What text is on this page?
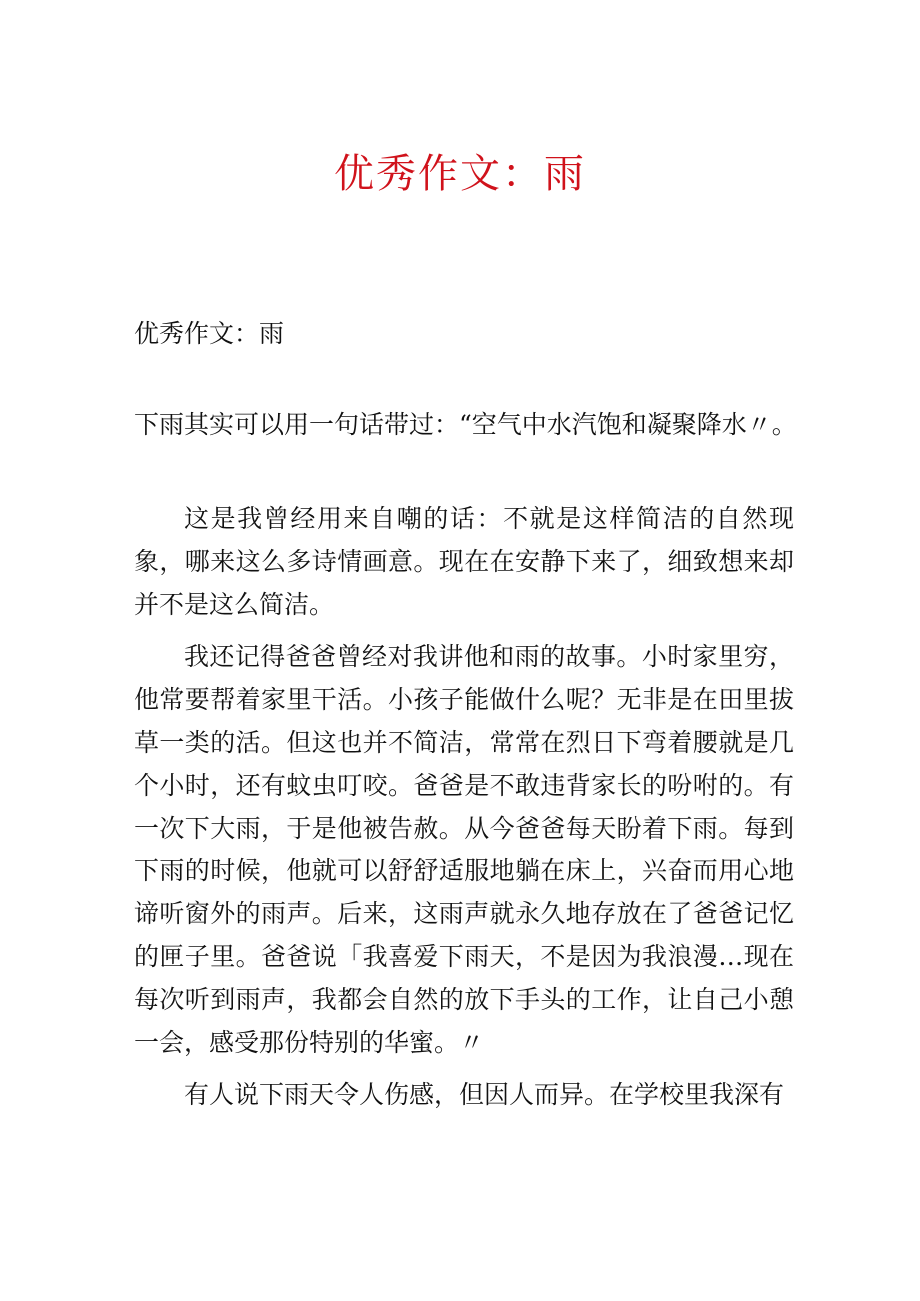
优秀作文：雨
优秀作文：雨
下雨其实可以用一句话带过：“空气中水汽饱和凝聚降水〃。

这是我曾经用来自嘲的话：不就是这样简洁的自然现象，哪来这么多诗情画意。现在在安静下来了，细致想来却并不是这么简洁。

我还记得爸爸曾经对我讲他和雨的故事。小时家里穷，他常要帮着家里干活。小孩子能做什么呢？无非是在田里拔草一类的活。但这也并不简洁，常常在烈日下弯着腰就是几个小时，还有蚊虫叮咬。爸爸是不敢违背家长的吩咐的。有一次下大雨，于是他被告赦。从今爸爸每天盼着下雨。每到下雨的时候，他就可以舒舒适服地躺在床上，兴奋而用心地谛听窗外的雨声。后来，这雨声就永久地存放在了爸爸记忆的匣子里。爸爸说「我喜爱下雨天，不是因为我浪漫…现在每次听到雨声，我都会自然的放下手头的工作，让自己小憩一会，感受那份特别的华蜜。〃

有人说下雨天令人伤感，但因人而异。在学校里我深有
